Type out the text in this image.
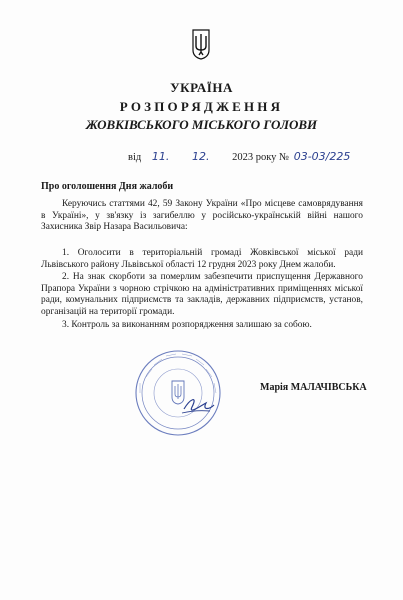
УКРАЇНА
РОЗПОРЯДЖЕННЯ
ЖОВКІВСЬКОГО МІСЬКОГО ГОЛОВИ
від 11. 12. 2023 року № 03-03/225
Про оголошення Дня жалоби
Керуючись статтями 42, 59 Закону України «Про місцеве самоврядування в Україні», у зв'язку із загибеллю у російсько-українській війні нашого Захисника Звір Назара Васильовича:
1. Оголосити в територіальній громаді Жовківської міської ради Львівського району Львівської області 12 грудня 2023 року Днем жалоби.
2. На знак скорботи за померлим забезпечити приспущення Державного Прапора України з чорною стрічкою на адміністративних приміщеннях міської ради, комунальних підприємств та закладів, державних підприємств, установ, організацій на території громади.
3. Контроль за виконанням розпорядження залишаю за собою.
Марія МАЛАЧІВСЬКА
